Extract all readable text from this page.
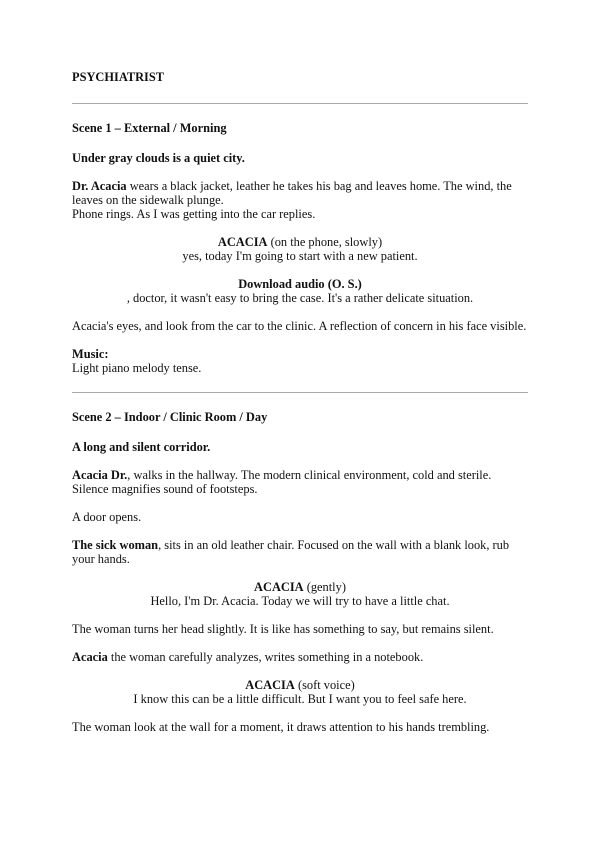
PSYCHIATRIST
Scene 1 – External / Morning
Under gray clouds is a quiet city.

Dr. Acacia wears a black jacket, leather he takes his bag and leaves home. The wind, the leaves on the sidewalk plunge.

Phone rings. As I was getting into the car replies.

ACACIA (on the phone, slowly)
yes, today I'm going to start with a new patient.
Download audio (O. S.)
, doctor, it wasn't easy to bring the case. It's a rather delicate situation.

Acacia's eyes, and look from the car to the clinic. A reflection of concern in his face visible.

Music:
Light piano melody tense.

Scene 2 – Indoor / Clinic Room / Day
A long and silent corridor.

Acacia Dr., walks in the hallway. The modern clinical environment, cold and sterile. Silence magnifies sound of footsteps.

A door opens.

The sick woman, sits in an old leather chair. Focused on the wall with a blank look, rub your hands.

ACACIA (gently)
Hello, I'm Dr. Acacia. Today we will try to have a little chat.

The woman turns her head slightly. It is like has something to say, but remains silent.

Acacia the woman carefully analyzes, writes something in a notebook.

ACACIA (soft voice)
I know this can be a little difficult. But I want you to feel safe here.

The woman look at the wall for a moment, it draws attention to his hands trembling.
